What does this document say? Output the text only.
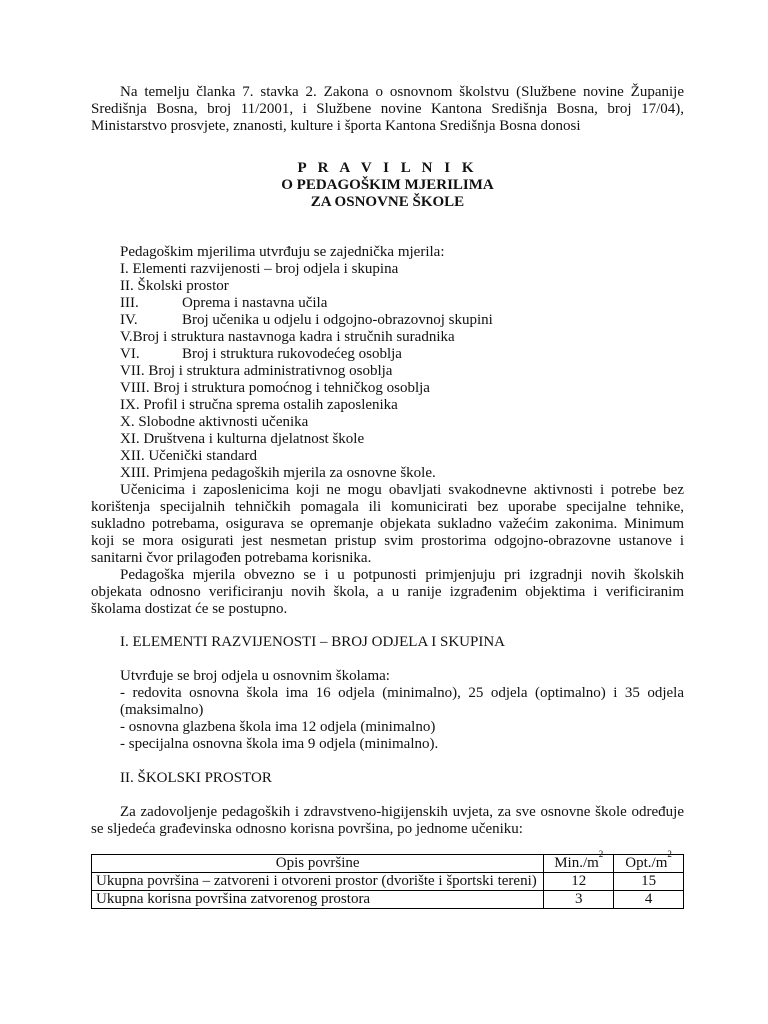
Na temelju članka 7. stavka 2. Zakona o osnovnom školstvu (Službene novine Županije Središnja Bosna, broj 11/2001, i Službene novine Kantona Središnja Bosna, broj 17/04), Ministarstvo prosvjete, znanosti, kulture i športa Kantona Središnja Bosna donosi

P R A V I L N I K
O PEDAGOŠKIM MJERILIMA
ZA OSNOVNE ŠKOLE
Pedagoškim mjerilima utvrđuju se zajednička mjerila:
I. Elementi razvijenosti – broj odjela i skupina
II. Školski prostor
III.	Oprema i nastavna učila
IV.	Broj učenika u odjelu i odgojno-obrazovnoj skupini
V.Broj i struktura nastavnoga kadra i stručnih suradnika
VI.	Broj i struktura rukovodećeg osoblja
VII. Broj i struktura administrativnog osoblja
VIII. Broj i struktura pomoćnog i tehničkog osoblja
IX. Profil i stručna sprema ostalih zaposlenika
X. Slobodne aktivnosti učenika
XI. Društvena i kulturna djelatnost škole
XII. Učenički standard
XIII. Primjena pedagoških mjerila za osnovne škole.

Učenicima i zaposlenicima koji ne mogu obavljati svakodnevne aktivnosti i potrebe bez korištenja specijalnih tehničkih pomagala ili komunicirati bez uporabe specijalne tehnike, sukladno potrebama, osigurava se opremanje objekata sukladno važećim zakonima. Minimum koji se mora osigurati jest nesmetan pristup svim prostorima odgojno-obrazovne ustanove i sanitarni čvor prilagođen potrebama korisnika.

Pedagoška mjerila obvezno se i u potpunosti primjenjuju pri izgradnji novih školskih objekata odnosno verificiranju novih škola, a u ranije izgrađenim objektima i verificiranim školama dostizat će se postupno.

I. ELEMENTI RAZVIJENOSTI – BROJ ODJELA I SKUPINA
Utvrđuje se broj odjela u osnovnim školama:

- redovita osnovna škola ima 16 odjela (minimalno), 25 odjela (optimalno) i 35 odjela (maksimalno)

- osnovna glazbena škola ima 12 odjela (minimalno)
- specijalna osnovna škola ima 9 odjela (minimalno).
II. ŠKOLSKI PROSTOR

Za zadovoljenje pedagoških i zdravstveno-higijenskih uvjeta, za sve osnovne škole određuje se sljedeća građevinska odnosno korisna površina, po jednome učeniku:

Opis površine	$Min./m^2$	$Opt./m^2$
Ukupna površina – zatvoreni i otvoreni prostor (dvorište i športski tereni)	12	15
Ukupna korisna površina zatvorenog prostora	3	4
